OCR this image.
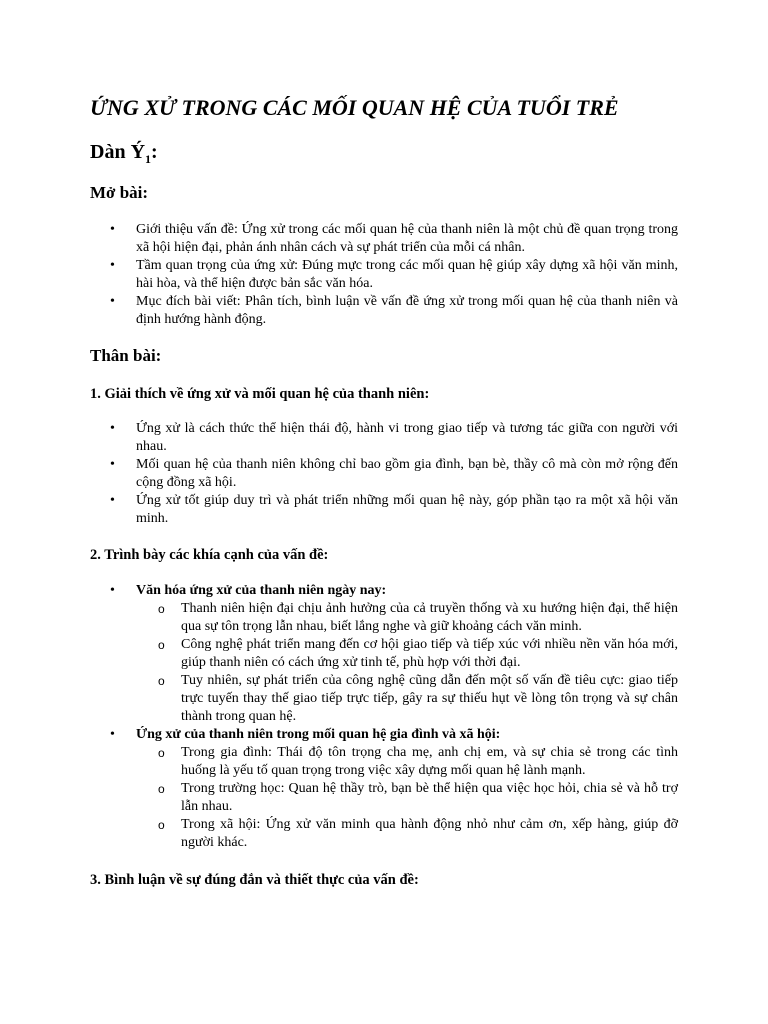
ỨNG XỬ TRONG CÁC MỐI QUAN HỆ CỦA TUỔI TRẺ
Dàn $Ý_1$:
Mở bài:
•
Giới thiệu vấn đề: Ứng xử trong các mối quan hệ của thanh niên là một chủ đề quan trọng trong xã hội hiện đại, phản ánh nhân cách và sự phát triển của mỗi cá nhân.
•
Tầm quan trọng của ứng xử: Đúng mực trong các mối quan hệ giúp xây dựng xã hội văn minh, hài hòa, và thể hiện được bản sắc văn hóa.
•
Mục đích bài viết: Phân tích, bình luận về vấn đề ứng xử trong mối quan hệ của thanh niên và định hướng hành động.
Thân bài:
1. Giải thích về ứng xử và mối quan hệ của thanh niên:
•
Ứng xử là cách thức thể hiện thái độ, hành vi trong giao tiếp và tương tác giữa con người với nhau.
•
Mối quan hệ của thanh niên không chỉ bao gồm gia đình, bạn bè, thầy cô mà còn mở rộng đến cộng đồng xã hội.
•
Ứng xử tốt giúp duy trì và phát triển những mối quan hệ này, góp phần tạo ra một xã hội văn minh.
2. Trình bày các khía cạnh của vấn đề:
•
Văn hóa ứng xử của thanh niên ngày nay:
o
Thanh niên hiện đại chịu ảnh hưởng của cả truyền thống và xu hướng hiện đại, thể hiện qua sự tôn trọng lẫn nhau, biết lắng nghe và giữ khoảng cách văn minh.
o
Công nghệ phát triển mang đến cơ hội giao tiếp và tiếp xúc với nhiều nền văn hóa mới, giúp thanh niên có cách ứng xử tinh tế, phù hợp với thời đại.
o
Tuy nhiên, sự phát triển của công nghệ cũng dẫn đến một số vấn đề tiêu cực: giao tiếp trực tuyến thay thế giao tiếp trực tiếp, gây ra sự thiếu hụt về lòng tôn trọng và sự chân thành trong quan hệ.
•
Ứng xử của thanh niên trong mối quan hệ gia đình và xã hội:
o
Trong gia đình: Thái độ tôn trọng cha mẹ, anh chị em, và sự chia sẻ trong các tình huống là yếu tố quan trọng trong việc xây dựng mối quan hệ lành mạnh.
o
Trong trường học: Quan hệ thầy trò, bạn bè thể hiện qua việc học hỏi, chia sẻ và hỗ trợ lẫn nhau.
o
Trong xã hội: Ứng xử văn minh qua hành động nhỏ như cảm ơn, xếp hàng, giúp đỡ người khác.
3. Bình luận về sự đúng đắn và thiết thực của vấn đề:
